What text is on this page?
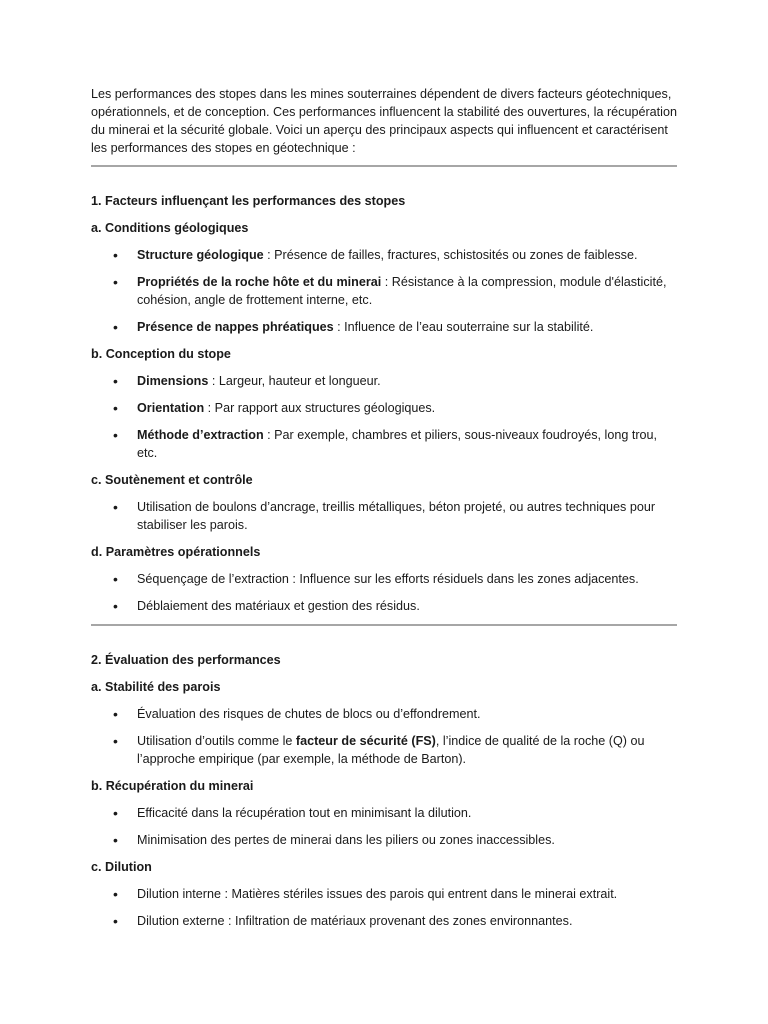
Les performances des stopes dans les mines souterraines dépendent de divers facteurs géotechniques, opérationnels, et de conception. Ces performances influencent la stabilité des ouvertures, la récupération du minerai et la sécurité globale. Voici un aperçu des principaux aspects qui influencent et caractérisent les performances des stopes en géotechnique :

1. Facteurs influençant les performances des stopes

a. Conditions géologiques

• Structure géologique : Présence de failles, fractures, schistosités ou zones de faiblesse.
• Propriétés de la roche hôte et du minerai : Résistance à la compression, module d'élasticité, cohésion, angle de frottement interne, etc.
• Présence de nappes phréatiques : Influence de l’eau souterraine sur la stabilité.

b. Conception du stope

• Dimensions : Largeur, hauteur et longueur.
• Orientation : Par rapport aux structures géologiques.
• Méthode d’extraction : Par exemple, chambres et piliers, sous-niveaux foudroyés, long trou, etc.

c. Soutènement et contrôle

• Utilisation de boulons d’ancrage, treillis métalliques, béton projeté, ou autres techniques pour stabiliser les parois.

d. Paramètres opérationnels

• Séquençage de l’extraction : Influence sur les efforts résiduels dans les zones adjacentes.
• Déblaiement des matériaux et gestion des résidus.

2. Évaluation des performances

a. Stabilité des parois

• Évaluation des risques de chutes de blocs ou d’effondrement.
• Utilisation d’outils comme le facteur de sécurité (FS), l’indice de qualité de la roche (Q) ou l’approche empirique (par exemple, la méthode de Barton).

b. Récupération du minerai

• Efficacité dans la récupération tout en minimisant la dilution.
• Minimisation des pertes de minerai dans les piliers ou zones inaccessibles.

c. Dilution

• Dilution interne : Matières stériles issues des parois qui entrent dans le minerai extrait.
• Dilution externe : Infiltration de matériaux provenant des zones environnantes.
